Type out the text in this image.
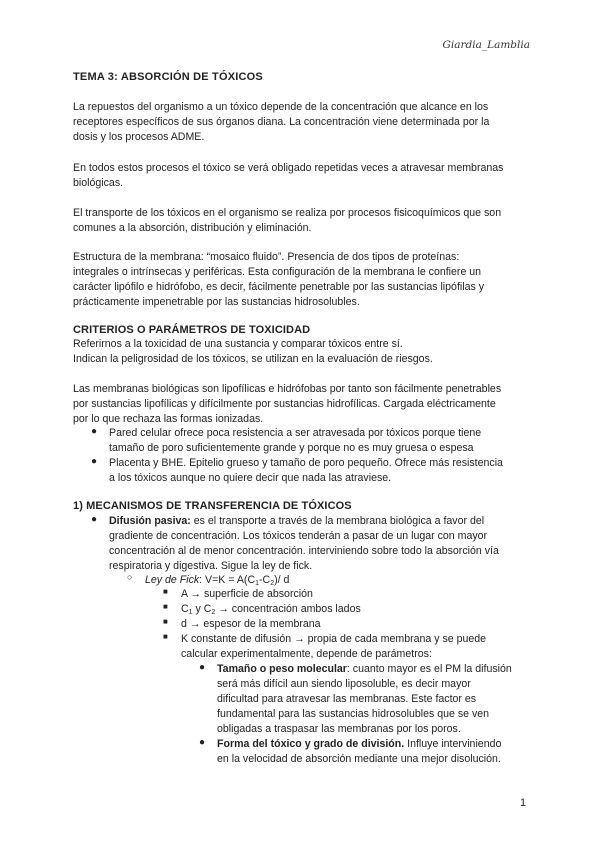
Giardia_Lamblia
TEMA 3: ABSORCIÓN DE TÓXICOS
La repuestos del organismo a un tóxico depende de la concentración que alcance en los
receptores específicos de sus órganos diana. La concentración viene determinada por la
dosis y los procesos ADME.
En todos estos procesos el tóxico se verá obligado repetidas veces a atravesar membranas
biológicas.
El transporte de los tóxicos en el organismo se realiza por procesos fisicoquímicos que son
comunes a la absorción, distribución y eliminación.
Estructura de la membrana: “mosaico fluido”. Presencia de dos tipos de proteínas:
integrales o intrínsecas y periféricas. Esta configuración de la membrana le confiere un
carácter lipófilo e hidrófobo, es decir, fácilmente penetrable por las sustancias lipófilas y
prácticamente impenetrable por las sustancias hidrosolubles.
CRITERIOS O PARÁMETROS DE TOXICIDAD
Referirnos a la toxicidad de una sustancia y comparar tóxicos entre sí.
Indican la peligrosidad de los tóxicos, se utilizan en la evaluación de riesgos.
Las membranas biológicas son lipofílicas e hidrófobas por tanto son fácilmente penetrables
por sustancias lipofílicas y difícilmente por sustancias hidrofílicas. Cargada eléctricamente
por lo que rechaza las formas ionizadas.
● Pared celular ofrece poca resistencia a ser atravesada por tóxicos porque tiene
tamaño de poro suficientemente grande y porque no es muy gruesa o espesa
● Placenta y BHE. Epitelio grueso y tamaño de poro pequeño. Ofrece más resistencia
a los tóxicos aunque no quiere decir que nada las atraviese.
1) MECANISMOS DE TRANSFERENCIA DE TÓXICOS
● Difusión pasiva: es el transporte a través de la membrana biológica a favor del
gradiente de concentración. Los tóxicos tenderán a pasar de un lugar con mayor
concentración al de menor concentración. interviniendo sobre todo la absorción vía
respiratoria y digestiva. Sigue la ley de fick.
○ Ley de Fick: $V=K = A(C_1-C_2)/$ d
■ A → superficie de absorción
■ $C_1$ y $C_2$ → concentración ambos lados
■ d → espesor de la membrana
■ K constante de difusión → propia de cada membrana y se puede
calcular experimentalmente, depende de parámetros:
● Tamaño o peso molecular: cuanto mayor es el PM la difusión
será más difícil aun siendo liposoluble, es decir mayor
dificultad para atravesar las membranas. Este factor es
fundamental para las sustancias hidrosolubles que se ven
obligadas a traspasar las membranas por los poros.
● Forma del tóxico y grado de división. Influye interviniendo
en la velocidad de absorción mediante una mejor disolución.
1
